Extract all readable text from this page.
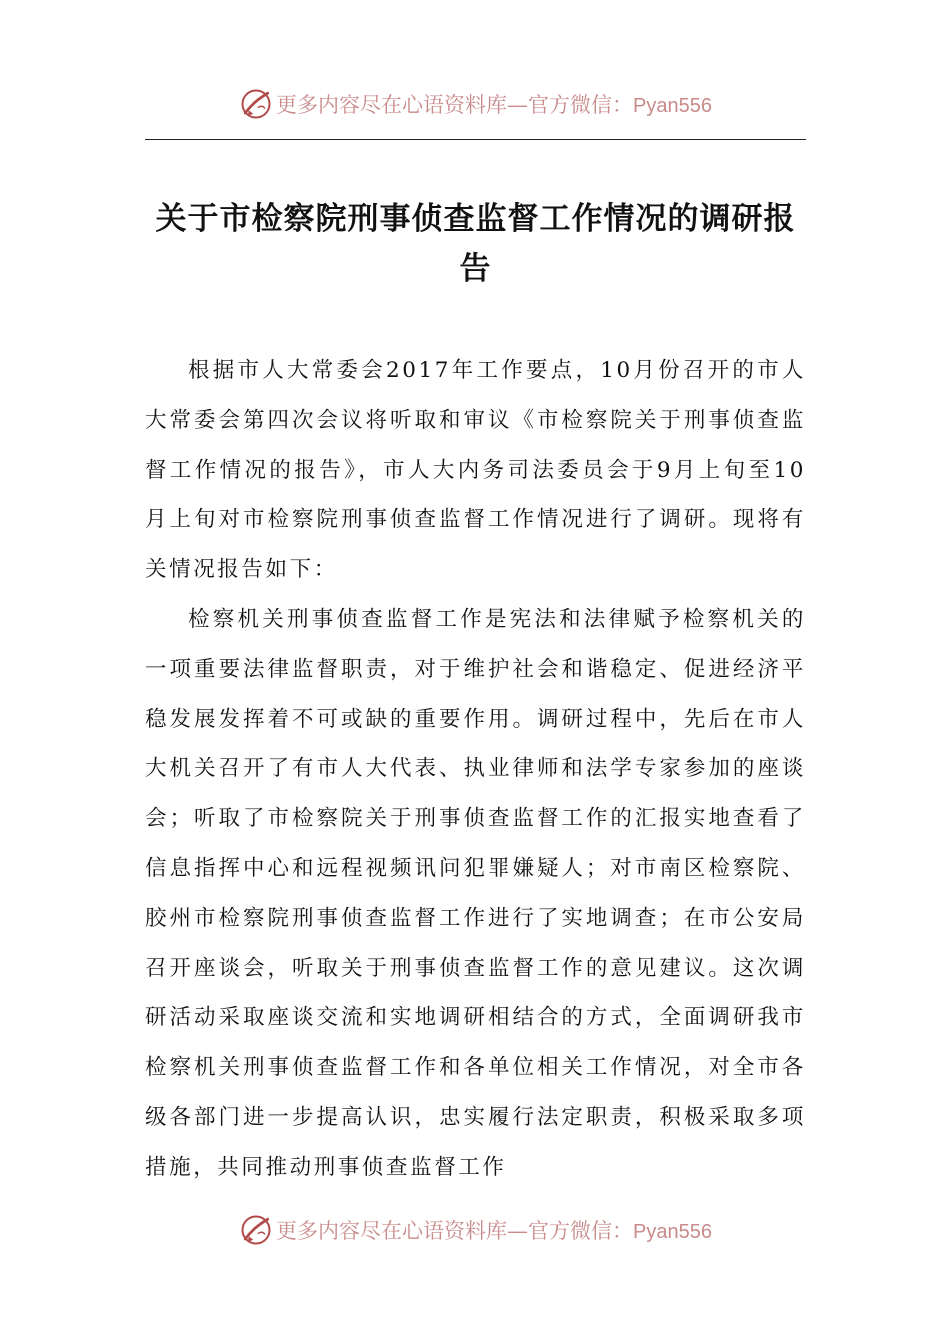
更多内容尽在心语资料库—官方微信：Pyan556
关于市检察院刑事侦查监督工作情况的调研报告

根据市人大常委会2017年工作要点，10月份召开的市人大常委会第四次会议将听取和审议《市检察院关于刑事侦查监督工作情况的报告》，市人大内务司法委员会于9月上旬至10月上旬对市检察院刑事侦查监督工作情况进行了调研。现将有关情况报告如下：

检察机关刑事侦查监督工作是宪法和法律赋予检察机关的一项重要法律监督职责，对于维护社会和谐稳定、促进经济平稳发展发挥着不可或缺的重要作用。调研过程中，先后在市人大机关召开了有市人大代表、执业律师和法学专家参加的座谈会；听取了市检察院关于刑事侦查监督工作的汇报实地查看了信息指挥中心和远程视频讯问犯罪嫌疑人；对市南区检察院、胶州市检察院刑事侦查监督工作进行了实地调查；在市公安局召开座谈会，听取关于刑事侦查监督工作的意见建议。这次调研活动采取座谈交流和实地调研相结合的方式，全面调研我市检察机关刑事侦查监督工作和各单位相关工作情况，对全市各级各部门进一步提高认识，忠实履行法定职责，积极采取多项措施，共同推动刑事侦查监督工作

更多内容尽在心语资料库—官方微信：Pyan556
